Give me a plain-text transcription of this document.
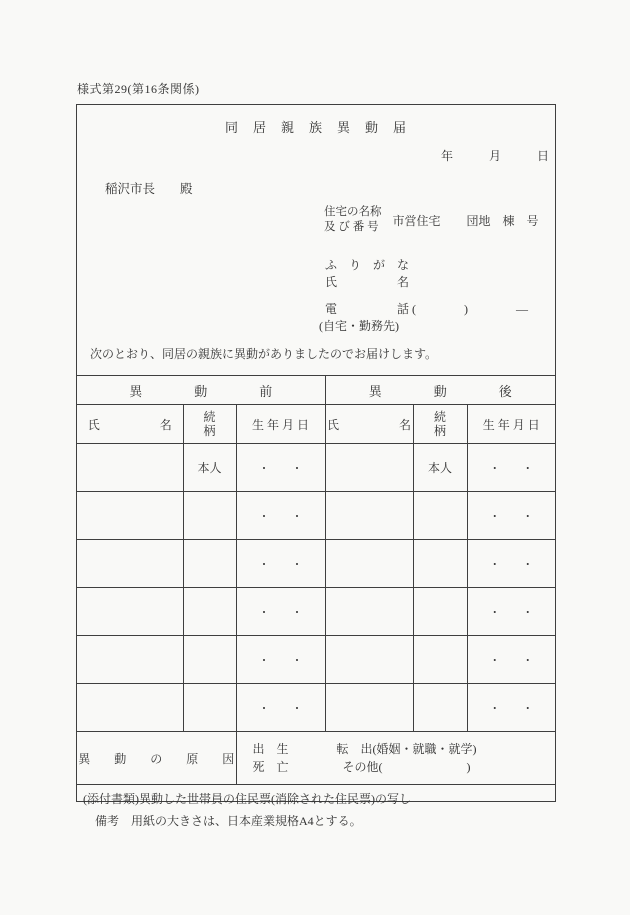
様式第29(第16条関係)
同　居　親　族　異　動　届
年　　　月　　　日
稲沢市長　　殿
住宅の名称
及 び 番 号 市営住宅 団地　棟　号
ふ　り　が　な
氏　　　　　名
電　　　　　話 (　　　　)　　　　—
(自宅・勤務先)
次のとおり、同居の親族に異動がありましたのでお届けします。
異　　　　動　　　　前			異　　　　動　　　　後		
氏　　　　　名	続柄	生 年 月 日	氏　　　　　名	続柄	生 年 月 日
	本人	・　　・		本人	・　　・
		・　　・			・　　・
		・　　・			・　　・
		・　　・			・　　・
		・　　・			・　　・
		・　　・			・　　・
異　　動　　の　　原　　因		出　生
死　亡
転　出(婚姻・就職・就学)
その他(　　　　　　　)			

(添付書類)異動した世帯員の住民票(消除された住民票)の写し					
備考　用紙の大きさは、日本産業規格A4とする。
